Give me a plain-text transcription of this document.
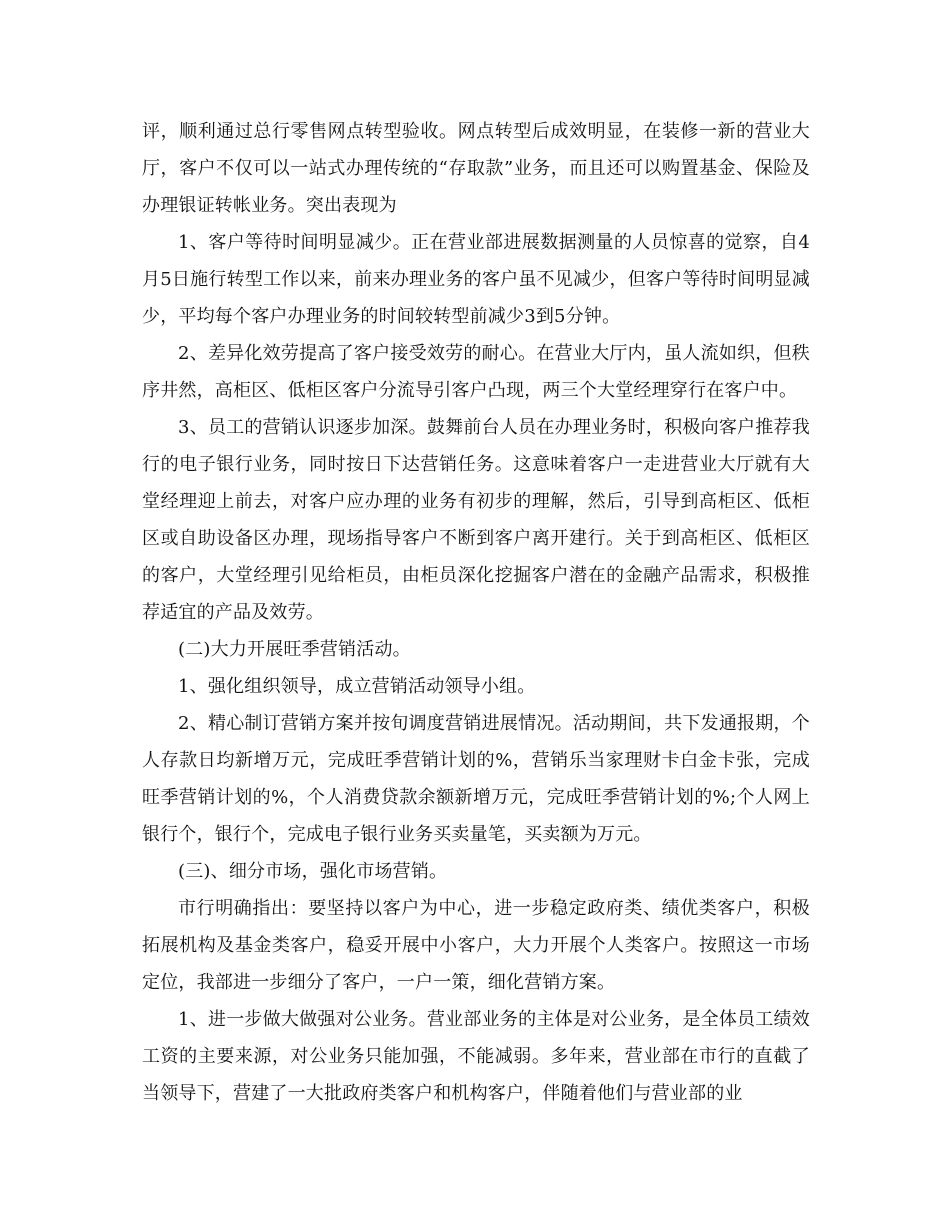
评，顺利通过总行零售网点转型验收。网点转型后成效明显，在装修一新的营业大厅，客户不仅可以一站式办理传统的“存取款”业务，而且还可以购置基金、保险及办理银证转帐业务。突出表现为

1、客户等待时间明显减少。正在营业部进展数据测量的人员惊喜的觉察，自4月5日施行转型工作以来，前来办理业务的客户虽不见减少，但客户等待时间明显减少，平均每个客户办理业务的时间较转型前减少3到5分钟。

2、差异化效劳提高了客户接受效劳的耐心。在营业大厅内，虽人流如织，但秩序井然，高柜区、低柜区客户分流导引客户凸现，两三个大堂经理穿行在客户中。

3、员工的营销认识逐步加深。鼓舞前台人员在办理业务时，积极向客户推荐我行的电子银行业务，同时按日下达营销任务。这意味着客户一走进营业大厅就有大堂经理迎上前去，对客户应办理的业务有初步的理解，然后，引导到高柜区、低柜区或自助设备区办理，现场指导客户不断到客户离开建行。关于到高柜区、低柜区的客户，大堂经理引见给柜员，由柜员深化挖掘客户潜在的金融产品需求，积极推荐适宜的产品及效劳。

(二)大力开展旺季营销活动。

1、强化组织领导，成立营销活动领导小组。

2、精心制订营销方案并按旬调度营销进展情况。活动期间，共下发通报期，个人存款日均新增万元，完成旺季营销计划的%，营销乐当家理财卡白金卡张，完成旺季营销计划的%，个人消费贷款余额新增万元，完成旺季营销计划的%;个人网上银行个，银行个，完成电子银行业务买卖量笔，买卖额为万元。

(三)、细分市场，强化市场营销。

市行明确指出：要坚持以客户为中心，进一步稳定政府类、绩优类客户，积极拓展机构及基金类客户，稳妥开展中小客户，大力开展个人类客户。按照这一市场定位，我部进一步细分了客户，一户一策，细化营销方案。

1、进一步做大做强对公业务。营业部业务的主体是对公业务，是全体员工绩效工资的主要来源，对公业务只能加强，不能减弱。多年来，营业部在市行的直截了当领导下，营建了一大批政府类客户和机构客户，伴随着他们与营业部的业
